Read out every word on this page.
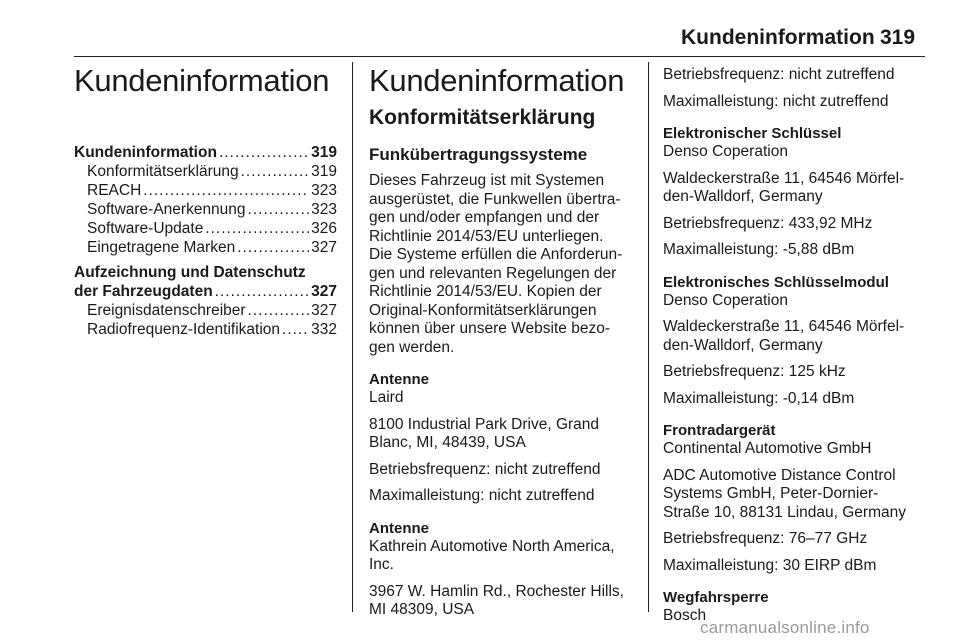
Kundeninformation 319
Kundeninformation
Kundeninformation .....	319
Konformitätserklärung .....	319
REACH .....	323
Software-Anerkennung .....	323
Software-Update .....	326
Eingetragene Marken .....	327
Aufzeichnung und Datenschutz
der Fahrzeugdaten .....	327
Ereignisdatenschreiber .....	327
Radiofrequenz-Identifikation ..... 332
Kundeninformation
Konformitätserklärung
Funkübertragungssysteme

Dieses Fahrzeug ist mit Systemen
ausgerüstet, die Funkwellen übertra-
gen und/oder empfangen und der
Richtlinie 2014/53/EU unterliegen.
Die Systeme erfüllen die Anforderun-
gen und relevanten Regelungen der
Richtlinie 2014/53/EU. Kopien der
Original-Konformitätserklärungen
können über unsere Website bezo-
gen werden.

Antenne

Laird

8100 Industrial Park Drive, Grand
Blanc, MI, 48439, USA

Betriebsfrequenz: nicht zutreffend

Maximalleistung: nicht zutreffend

Antenne

Kathrein Automotive North America,
Inc.

3967 W. Hamlin Rd., Rochester Hills,
MI 48309, USA

Betriebsfrequenz: nicht zutreffend

Maximalleistung: nicht zutreffend

Elektronischer Schlüssel

Denso Coperation

Waldeckerstraße 11, 64546 Mörfel-
den-Walldorf, Germany

Betriebsfrequenz: 433,92 MHz

Maximalleistung: -5,88 dBm

Elektronisches Schlüsselmodul

Denso Coperation

Waldeckerstraße 11, 64546 Mörfel-
den-Walldorf, Germany

Betriebsfrequenz: 125 kHz

Maximalleistung: -0,14 dBm

Frontradargerät

Continental Automotive GmbH

ADC Automotive Distance Control
Systems GmbH, Peter-Dornier-
Straße 10, 88131 Lindau, Germany

Betriebsfrequenz: 76–77 GHz

Maximalleistung: 30 EIRP dBm

Wegfahrsperre

Bosch

carmanualsonline.info
